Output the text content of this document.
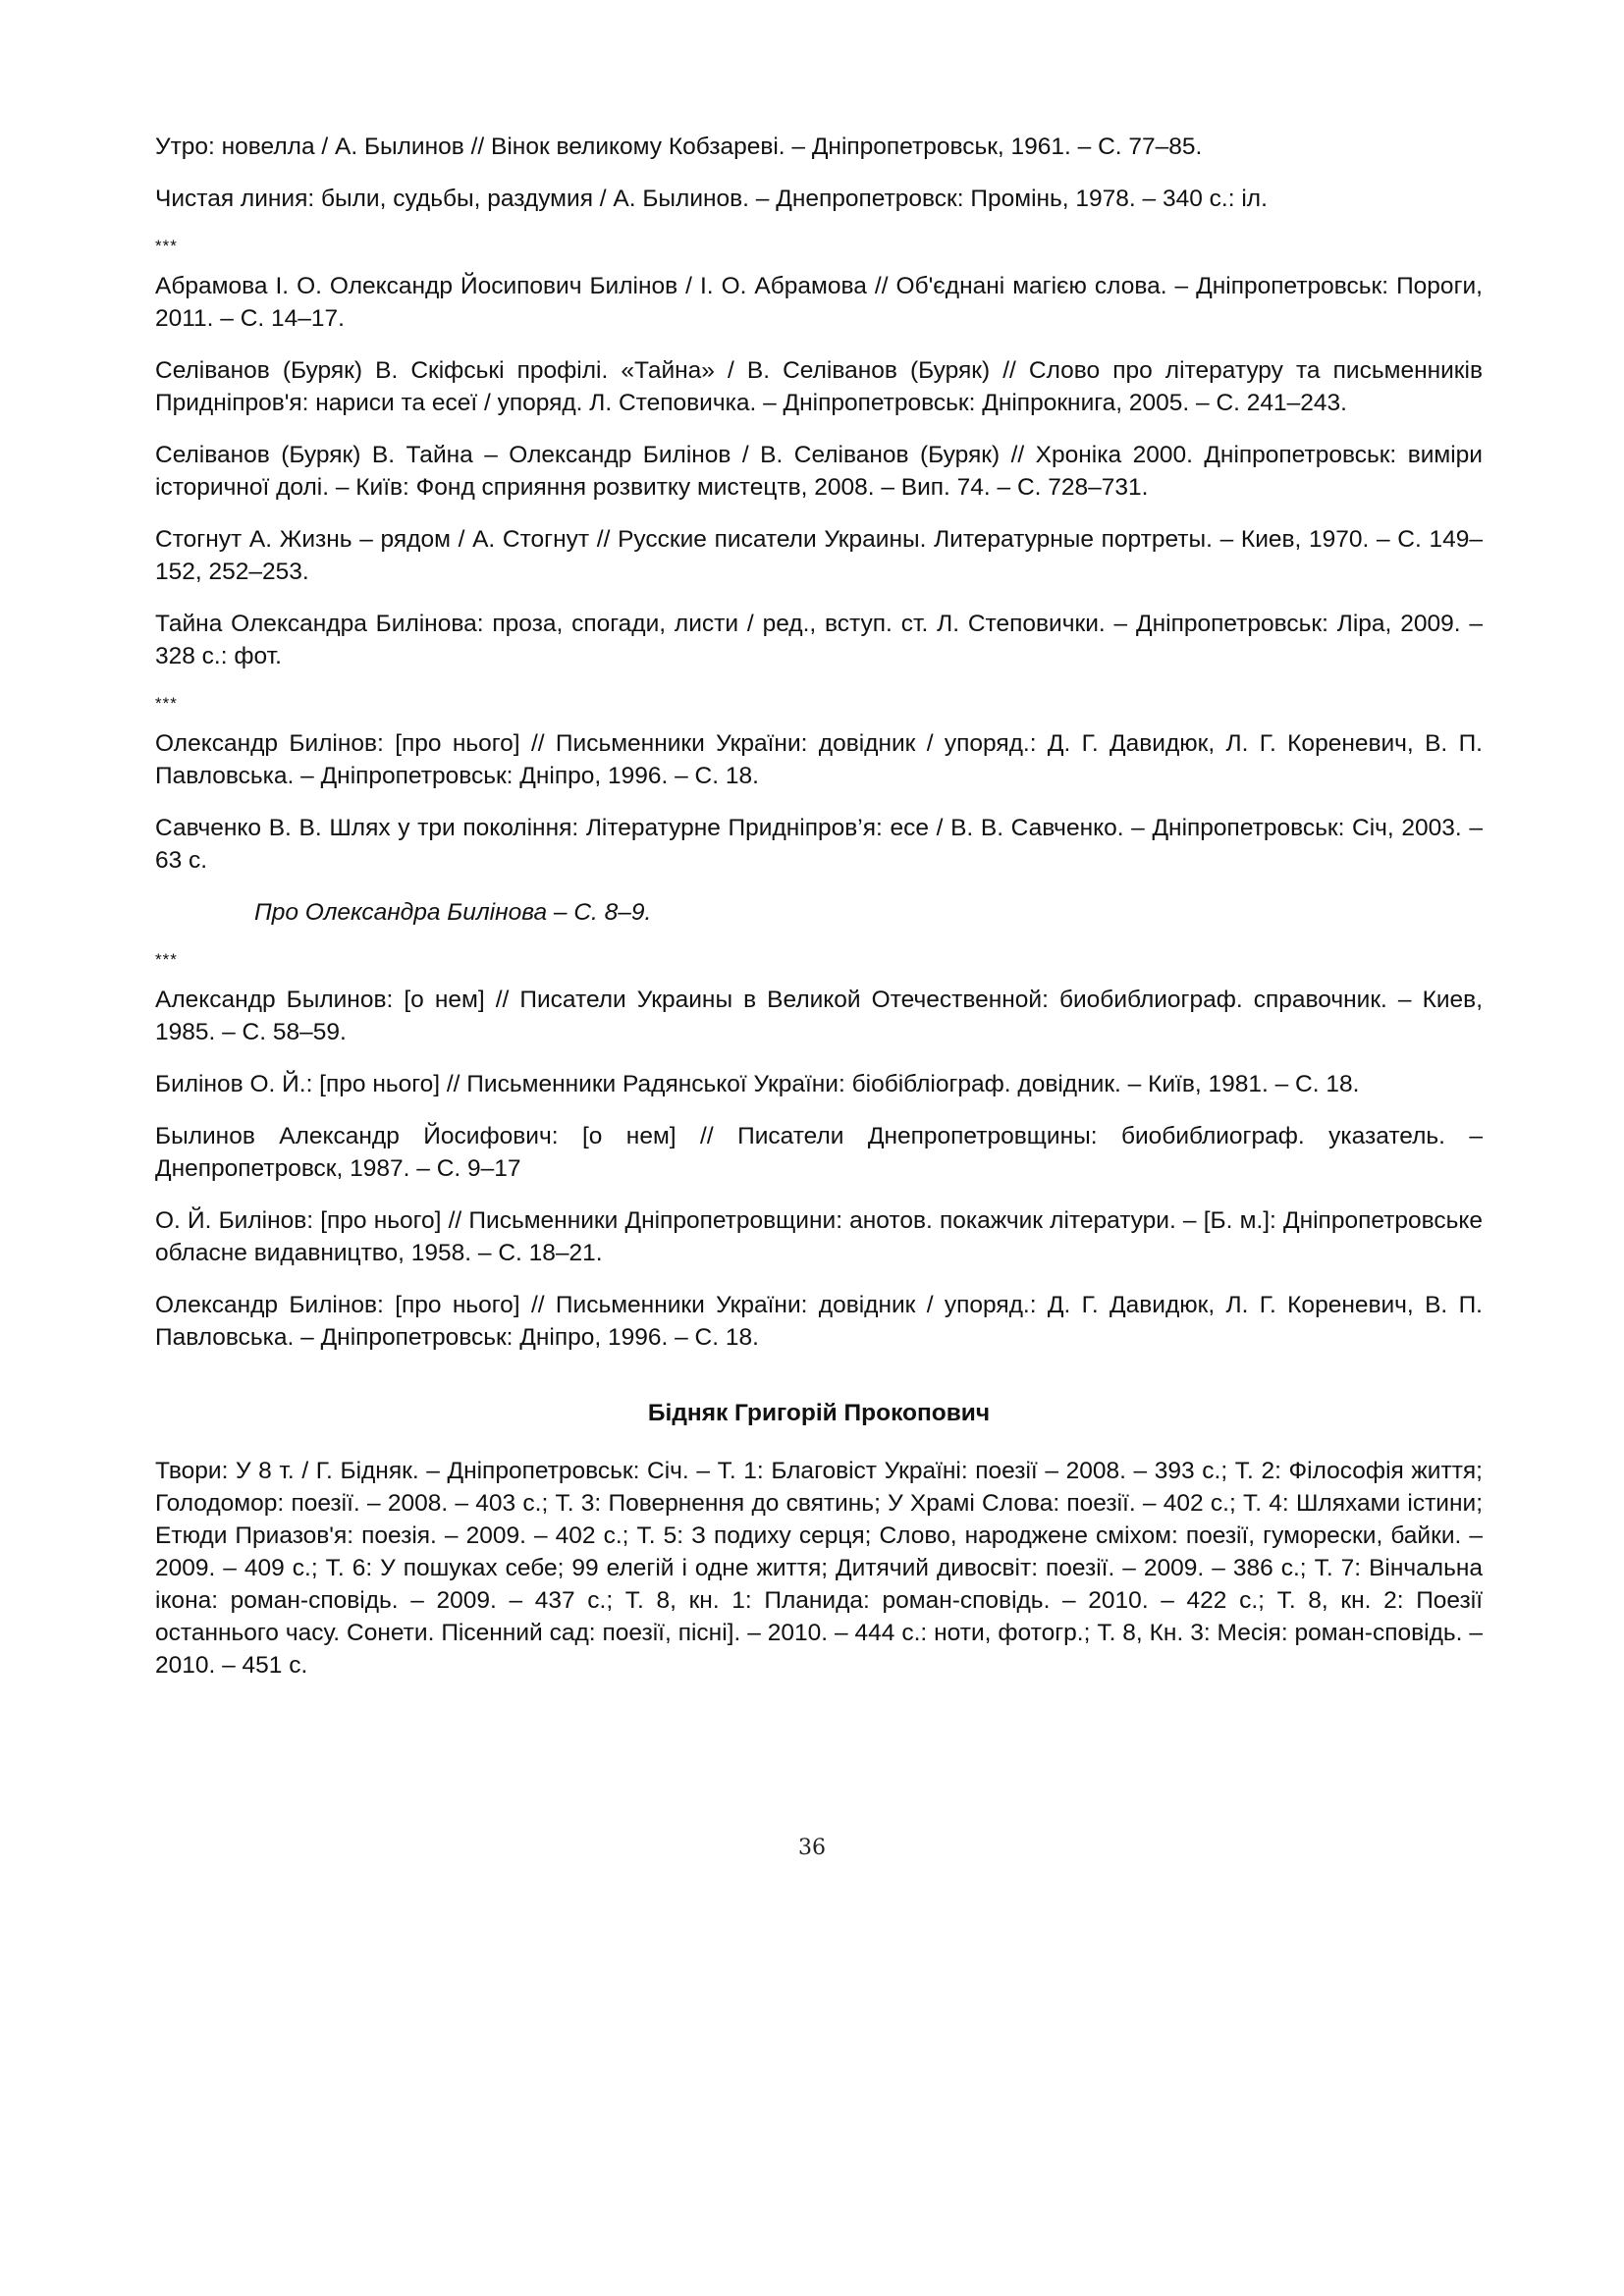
Утро: новелла / А. Былинов // Вінок великому Кобзареві. – Дніпропетровськ, 1961. – С. 77–85.

Чистая линия: были, судьбы, раздумия / А. Былинов. – Днепропетровск: Промінь, 1978. – 340 с.: іл.

***

Абрамова І. О. Олександр Йосипович Билінов / І. О. Абрамова // Об'єднані магією слова. – Дніпропетровськ: Пороги, 2011. – С. 14–17.

Селіванов (Буряк) В. Скіфські профілі. «Тайна» / В. Селіванов (Буряк) // Слово про літературу та письменників Придніпров'я: нариси та есеї / упоряд. Л. Степовичка. – Дніпропетровськ: Дніпрокнига, 2005. – С. 241–243.

Селіванов (Буряк) В. Тайна – Олександр Билінов / В. Селіванов (Буряк) // Хроніка 2000. Дніпропетровськ: виміри історичної долі. – Київ: Фонд сприяння розвитку мистецтв, 2008. – Вип. 74. – С. 728–731.

Стогнут А. Жизнь – рядом / А. Стогнут // Русские писатели Украины. Литературные портреты. – Киев, 1970. – С. 149–152, 252–253.

Тайна Олександра Билінова: проза, спогади, листи / ред., вступ. ст. Л. Степовички. – Дніпропетровськ: Ліра, 2009. – 328 с.: фот.

***

Олександр Билінов: [про нього] // Письменники України: довідник / упоряд.: Д. Г. Давидюк, Л. Г. Кореневич, В. П. Павловська. – Дніпропетровськ: Дніпро, 1996. – С. 18.

Савченко В. В. Шлях у три покоління: Літературне Придніпров’я: есе / В. В. Савченко. – Дніпропетровськ: Січ, 2003. – 63 с.

Про Олександра Билінова – С. 8–9.

***

Александр Былинов: [о нем] // Писатели Украины в Великой Отечественной: биобиблиограф. справочник. – Киев, 1985. – С. 58–59.

Билінов О. Й.: [про нього] // Письменники Радянської України: біобібліограф. довідник. – Київ, 1981. – С. 18.

Былинов Александр Йосифович: [о нем] // Писатели Днепропетровщины: биобиблиограф. указатель. – Днепропетровск, 1987. – С. 9–17

О. Й. Билінов: [про нього] // Письменники Дніпропетровщини: анотов. покажчик літератури. – [Б. м.]: Дніпропетровське обласне видавництво, 1958. – С. 18–21.

Олександр Билінов: [про нього] // Письменники України: довідник / упоряд.: Д. Г. Давидюк, Л. Г. Кореневич, В. П. Павловська. – Дніпропетровськ: Дніпро, 1996. – С. 18.

Бідняк Григорій Прокопович

Твори: У 8 т. / Г. Бідняк. – Дніпропетровськ: Січ. – Т. 1: Благовіст Україні: поезії – 2008. – 393 с.; Т. 2: Філософія життя; Голодомор: поезії. – 2008. – 403 с.; Т. 3: Повернення до святинь; У Храмі Слова: поезії. – 402 с.; Т. 4: Шляхами істини; Етюди Приазов'я: поезія. – 2009. – 402 с.; Т. 5: З подиху серця; Слово, народжене сміхом: поезії, гуморески, байки. – 2009. – 409 с.; Т. 6: У пошуках себе; 99 елегій і одне життя; Дитячий дивосвіт: поезії. – 2009. – 386 с.; Т. 7: Вінчальна ікона: роман-сповідь. – 2009. – 437 с.; Т. 8, кн. 1: Планида: роман-сповідь. – 2010. – 422 с.; Т. 8, кн. 2: Поезії останнього часу. Сонети. Пісенний сад: поезії, пісні]. – 2010. – 444 с.: ноти, фотогр.; Т. 8, Кн. 3: Месія: роман-сповідь. – 2010. – 451 с.

36
